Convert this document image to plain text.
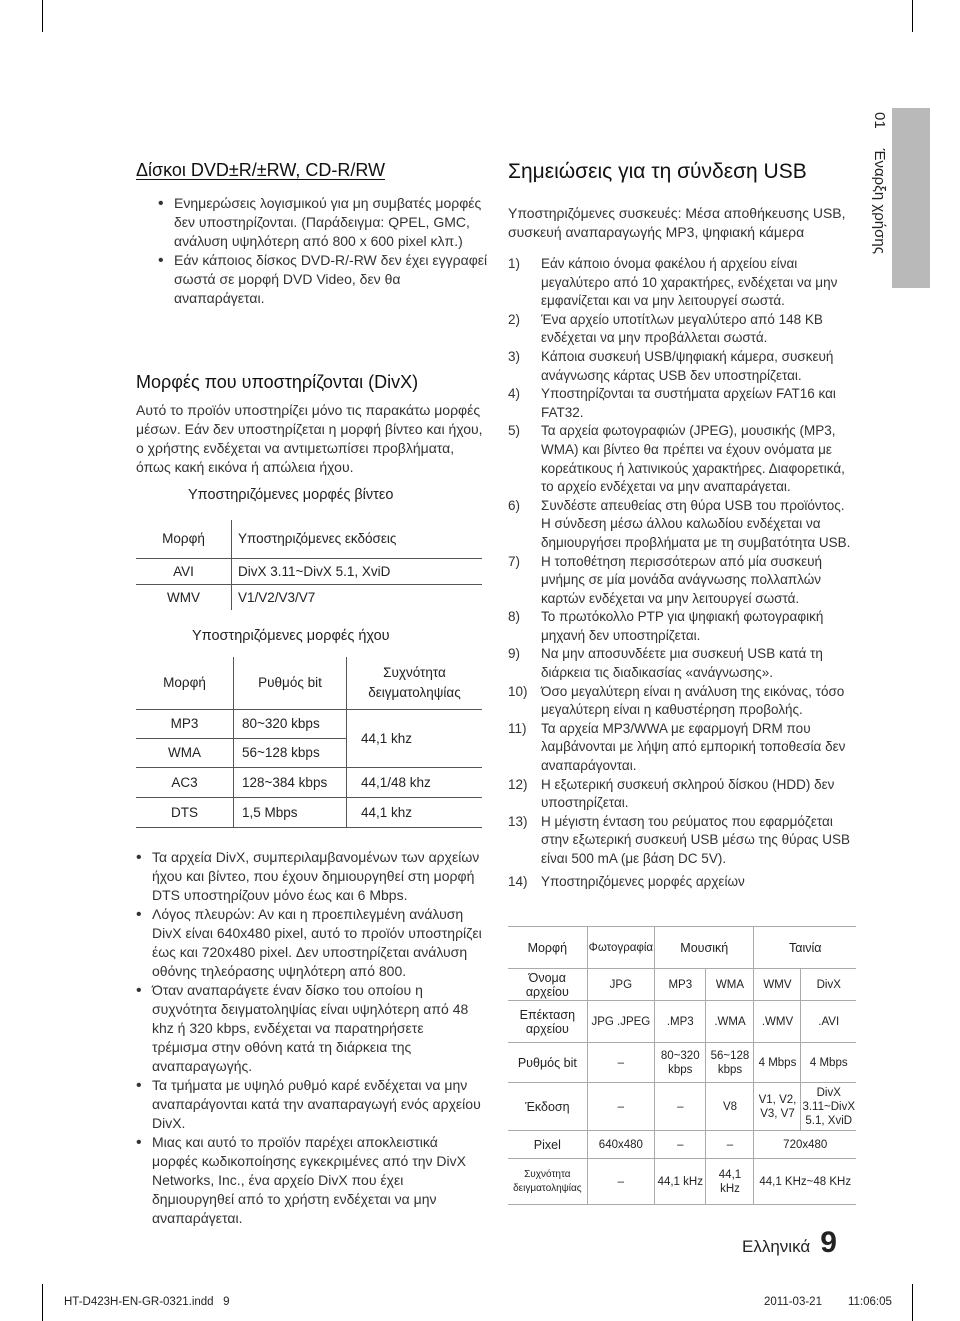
01
Έναρξη χρήσης
Δίσκοι DVD±R/±RW, CD-R/RW
• Ενημερώσεις λογισμικού για μη συμβατές μορφές δεν υποστηρίζονται. (Παράδειγμα: QPEL, GMC, ανάλυση υψηλότερη από 800 x 600 pixel κλπ.)
• Εάν κάποιος δίσκος DVD-R/-RW δεν έχει εγγραφεί σωστά σε μορφή DVD Video, δεν θα αναπαράγεται.
Μορφές που υποστηρίζονται (DivX)
Αυτό το προϊόν υποστηρίζει μόνο τις παρακάτω μορφές μέσων. Εάν δεν υποστηρίζεται η μορφή βίντεο και ήχου, ο χρήστης ενδέχεται να αντιμετωπίσει προβλήματα, όπως κακή εικόνα ή απώλεια ήχου.
Υποστηριζόμενες μορφές βίντεο
Μορφή	Υποστηριζόμενες εκδόσεις
AVI	DivX 3.11~DivX 5.1, XviD
WMV	V1/V2/V3/V7
Υποστηριζόμενες μορφές ήχου
Μορφή	Ρυθμός bit	Συχνότητα δειγματοληψίας
MP3	80~320 kbps	44,1 khz
WMA	56~128 kbps	
AC3	128~384 kbps	44,1/48 khz
DTS	1,5 Mbps	44,1 khz
• Τα αρχεία DivX, συμπεριλαμβανομένων των αρχείων ήχου και βίντεο, που έχουν δημιουργηθεί στη μορφή DTS υποστηρίζουν μόνο έως και 6 Mbps.
• Λόγος πλευρών: Αν και η προεπιλεγμένη ανάλυση DivX είναι 640x480 pixel, αυτό το προϊόν υποστηρίζει έως και 720x480 pixel. Δεν υποστηρίζεται ανάλυση οθόνης τηλεόρασης υψηλότερη από 800.
• Όταν αναπαράγετε έναν δίσκο του οποίου η συχνότητα δειγματοληψίας είναι υψηλότερη από 48 khz ή 320 kbps, ενδέχεται να παρατηρήσετε τρέμισμα στην οθόνη κατά τη διάρκεια της αναπαραγωγής.
• Τα τμήματα με υψηλό ρυθμό καρέ ενδέχεται να μην αναπαράγονται κατά την αναπαραγωγή ενός αρχείου DivX.
• Μιας και αυτό το προϊόν παρέχει αποκλειστικά μορφές κωδικοποίησης εγκεκριμένες από την DivX Networks, Inc., ένα αρχείο DivX που έχει δημιουργηθεί από το χρήστη ενδέχεται να μην αναπαράγεται.
Σημειώσεις για τη σύνδεση USB
Υποστηριζόμενες συσκευές: Μέσα αποθήκευσης USB, συσκευή αναπαραγωγής MP3, ψηφιακή κάμερα
1) Εάν κάποιο όνομα φακέλου ή αρχείου είναι μεγαλύτερο από 10 χαρακτήρες, ενδέχεται να μην εμφανίζεται και να μην λειτουργεί σωστά.
2) Ένα αρχείο υποτίτλων μεγαλύτερο από 148 KB ενδέχεται να μην προβάλλεται σωστά.
3) Κάποια συσκευή USB/ψηφιακή κάμερα, συσκευή ανάγνωσης κάρτας USB δεν υποστηρίζεται.
4) Υποστηρίζονται τα συστήματα αρχείων FAT16 και FAT32.
5) Τα αρχεία φωτογραφιών (JPEG), μουσικής (MP3, WMA) και βίντεο θα πρέπει να έχουν ονόματα με κορεάτικους ή λατινικούς χαρακτήρες. Διαφορετικά, το αρχείο ενδέχεται να μην αναπαράγεται.
6) Συνδέστε απευθείας στη θύρα USB του προϊόντος. Η σύνδεση μέσω άλλου καλωδίου ενδέχεται να δημιουργήσει προβλήματα με τη συμβατότητα USB.
7) Η τοποθέτηση περισσότερων από μία συσκευή μνήμης σε μία μονάδα ανάγνωσης πολλαπλών καρτών ενδέχεται να μην λειτουργεί σωστά.
8) Το πρωτόκολλο PTP για ψηφιακή φωτογραφική μηχανή δεν υποστηρίζεται.
9) Να μην αποσυνδέετε μια συσκευή USB κατά τη διάρκεια τις διαδικασίας «ανάγνωσης».
10) Όσο μεγαλύτερη είναι η ανάλυση της εικόνας, τόσο μεγαλύτερη είναι η καθυστέρηση προβολής.
11) Τα αρχεία MP3/WWA με εφαρμογή DRM που λαμβάνονται με λήψη από εμπορική τοποθεσία δεν αναπαράγονται.
12) Η εξωτερική συσκευή σκληρού δίσκου (HDD) δεν υποστηρίζεται.
13) Η μέγιστη ένταση του ρεύματος που εφαρμόζεται στην εξωτερική συσκευή USB μέσω της θύρας USB είναι 500 mA (με βάση DC 5V).
14) Υποστηριζόμενες μορφές αρχείων
Μορφή	Φωτογραφία	Μουσική		Ταινία	
Όνομα αρχείου	JPG	MP3	WMA	WMV	DivX
Επέκταση αρχείου	JPG .JPEG	.MP3	.WMA	.WMV	.AVI
Ρυθμός bit	–	80~320 kbps	56~128 kbps	4 Mbps	4 Mbps
Έκδοση	–	–	V8	V1, V2, V3, V7	DivX 3.11~DivX 5.1, XviD
Pixel	640x480	–	–	720x480	
Συχνότητα δειγματοληψίας	–	44,1 kHz	44,1 kHz	44,1 KHz~48 KHz	
Ελληνικά 9
HT-D423H-EN-GR-0321.indd   9	2011-03-21 11:06:05
